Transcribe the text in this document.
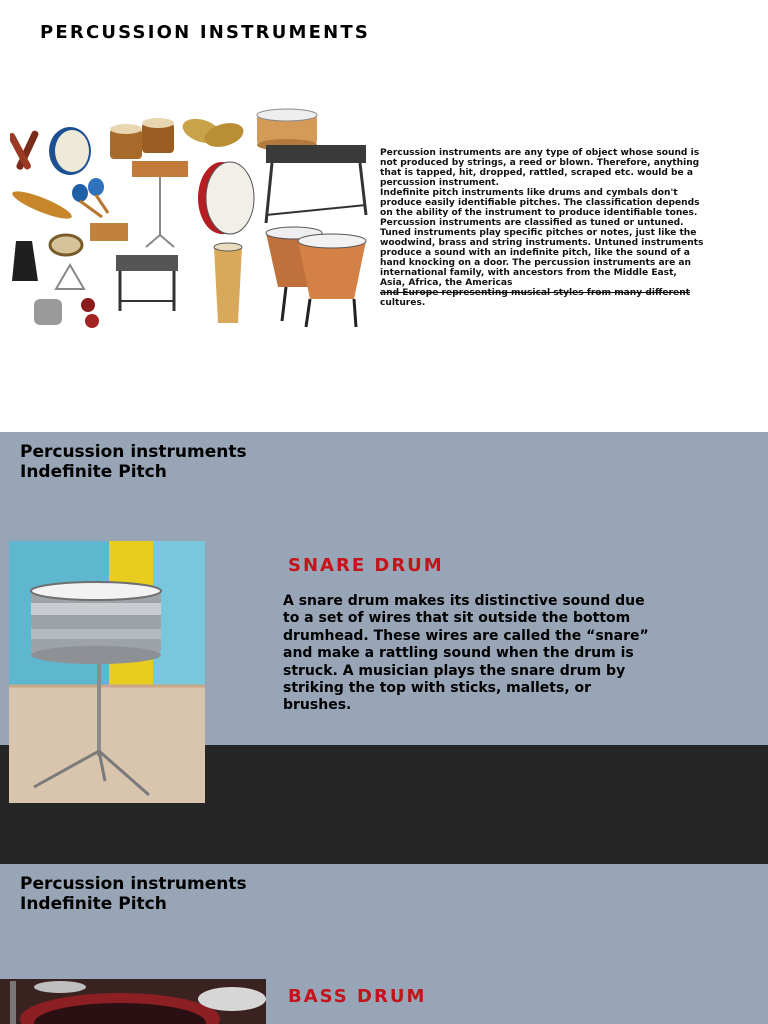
PERCUSSION INSTRUMENTS

Percussion instruments are any type of object whose sound is not produced by strings, a reed or blown. Therefore, anything that is tapped, hit, dropped, rattled, scraped etc. would be a percussion instrument.

Indefinite pitch instruments like drums and cymbals don't produce easily identifiable pitches. The classification depends on the ability of the instrument to produce identifiable tones. Percussion instruments are classified as tuned or untuned. Tuned instruments play specific pitches or notes, just like the woodwind, brass and string instruments. Untuned instruments produce a sound with an indefinite pitch, like the sound of a hand knocking on a door. The percussion instruments are an international family, with ancestors from the Middle East, Asia, Africa, the Americas

and Europe representing musical styles from many different

cultures.

Percussion instruments
Indefinite Pitch
SNARE DRUM

A snare drum makes its distinctive sound due to a set of wires that sit outside the bottom drumhead. These wires are called the “snare” and make a rattling sound when the drum is struck. A musician plays the snare drum by striking the top with sticks, mallets, or brushes.

Percussion instruments
Indefinite Pitch
BASS DRUM
